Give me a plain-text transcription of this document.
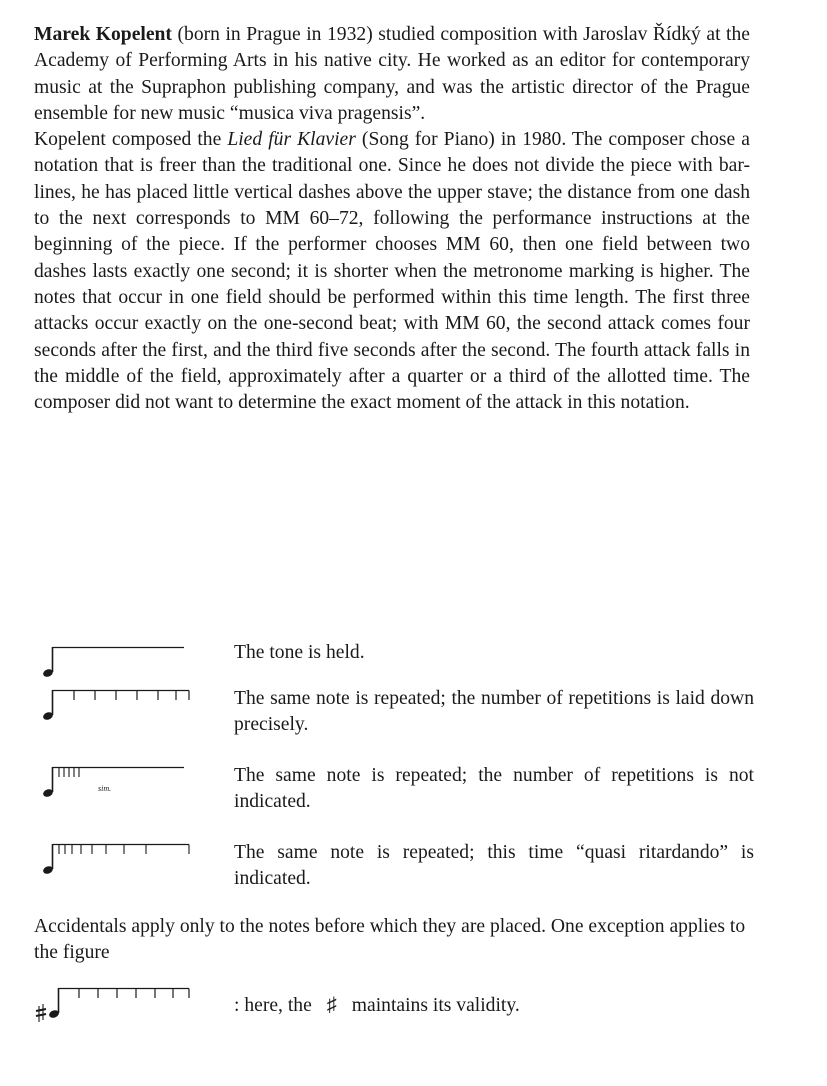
Marek Kopelent (born in Prague in 1932) studied composition with Jaroslav Řídký at the Academy of Performing Arts in his native city. He worked as an editor for contemporary music at the Supraphon publishing company, and was the artistic director of the Prague ensemble for new music “musica viva pragensis”.

Kopelent composed the Lied für Klavier (Song for Piano) in 1980. The composer chose a notation that is freer than the traditional one. Since he does not divide the piece with bar-lines, he has placed little vertical dashes above the upper stave; the distance from one dash to the next corresponds to MM 60–72, following the performance instructions at the beginning of the piece. If the performer chooses MM 60, then one field between two dashes lasts exactly one second; it is shorter when the metronome marking is higher. The notes that occur in one field should be performed within this time length. The first three attacks occur exactly on the one-second beat; with MM 60, the second attack comes four seconds after the first, and the third five seconds after the second. The fourth attack falls in the middle of the field, approximately after a quarter or a third of the allotted time. The composer did not want to determine the exact moment of the attack in this notation.

The tone is held.
The same note is repeated; the number of repetitions is laid down precisely.
sim.
The same note is repeated; the number of repetitions is not indicated.
The same note is repeated; this time “quasi ritardando” is indicated.

Accidentals apply only to the notes before which they are placed. One exception applies to the figure

: here, the ♯ maintains its validity.
